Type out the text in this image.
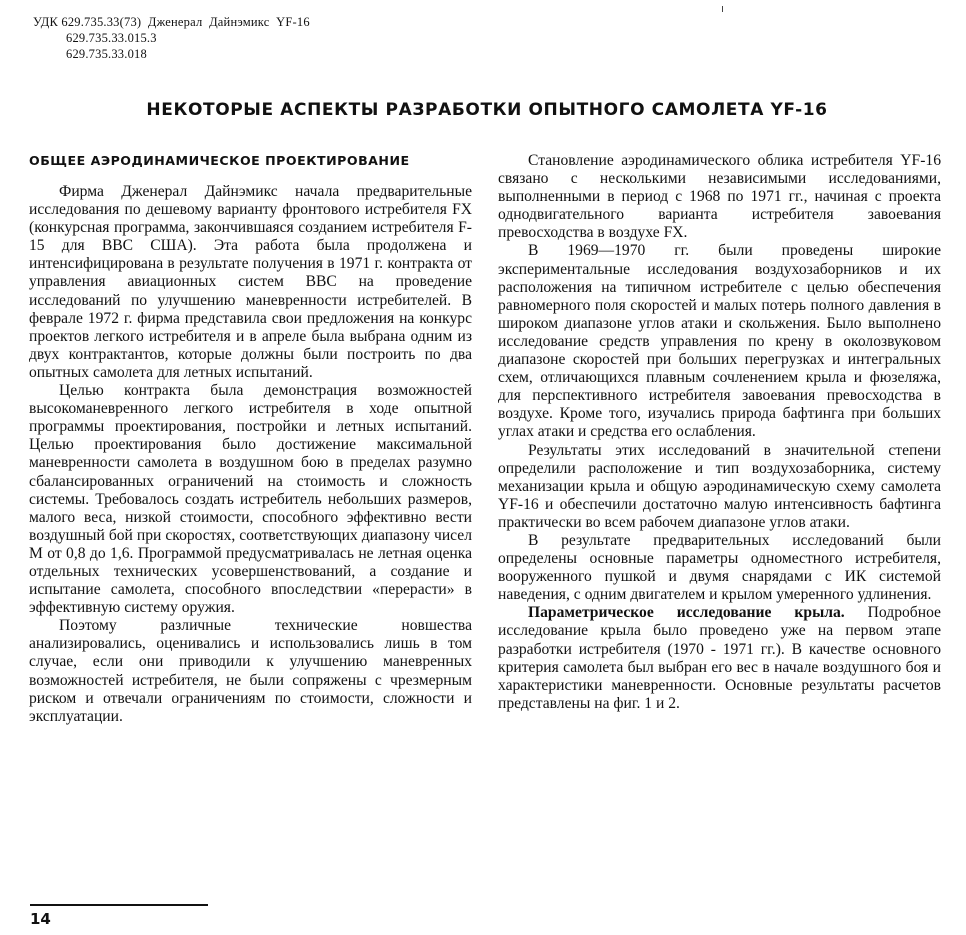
УДК 629.735.33(73)  Дженерал  Дайнэмикс  YF-16
629.735.33.015.3
629.735.33.018
НЕКОТОРЫЕ АСПЕКТЫ РАЗРАБОТКИ ОПЫТНОГО САМОЛЕТА YF-16
ОБЩЕЕ АЭРОДИНАМИЧЕСКОЕ ПРОЕКТИРОВАНИЕ

Фирма Дженерал Дайнэмикс начала предварительные исследования по дешевому варианту фронтового истребителя FX (конкурсная программа, закончившаяся созданием истребителя F-15 для ВВС США). Эта работа была продолжена и интенсифицирована в результате получения в 1971 г. контракта от управления авиационных систем ВВС на проведение исследований по улучшению маневренности истребителей. В феврале 1972 г. фирма представила свои предложения на конкурс проектов легкого истребителя и в апреле была выбрана одним из двух контрактантов, которые должны были построить по два опытных самолета для летных испытаний.

Целью контракта была демонстрация возможностей высокоманевренного легкого истребителя в ходе опытной программы проектирования, постройки и летных испытаний. Целью проектирования было достижение максимальной маневренности самолета в воздушном бою в пределах разумно сбалансированных ограничений на стоимость и сложность системы. Требовалось создать истребитель небольших размеров, малого веса, низкой стоимости, способного эффективно вести воздушный бой при скоростях, соответствующих диапазону чисел М от 0,8 до 1,6. Программой предусматривалась не летная оценка отдельных технических усовершенствований, а создание и испытание самолета, способного впоследствии «перерасти» в эффективную систему оружия.

Поэтому различные технические новшества анализировались, оценивались и использовались лишь в том случае, если они приводили к улучшению маневренных возможностей истребителя, не были сопряжены с чрезмерным риском и отвечали ограничениям по стоимости, сложности и эксплуатации.

Становление аэродинамического облика истребителя YF-16 связано с несколькими независимыми исследованиями, выполненными в период с 1968 по 1971 гг., начиная с проекта однодвигательного варианта истребителя завоевания превосходства в воздухе FX.

В 1969—1970 гг. были проведены широкие экспериментальные исследования воздухозаборников и их расположения на типичном истребителе с целью обеспечения равномерного поля скоростей и малых потерь полного давления в широком диапазоне углов атаки и скольжения. Было выполнено исследование средств управления по крену в околозвуковом диапазоне скоростей при больших перегрузках и интегральных схем, отличающихся плавным сочленением крыла и фюзеляжа, для перспективного истребителя завоевания превосходства в воздухе. Кроме того, изучались природа бафтинга при больших углах атаки и средства его ослабления.

Результаты этих исследований в значительной степени определили расположение и тип воздухозаборника, систему механизации крыла и общую аэродинамическую схему самолета YF-16 и обеспечили достаточно малую интенсивность бафтинга практически во всем рабочем диапазоне углов атаки.

В результате предварительных исследований были определены основные параметры одноместного истребителя, вооруженного пушкой и двумя снарядами с ИК системой наведения, с одним двигателем и крылом умеренного удлинения.

Параметрическое исследование крыла. Подробное исследование крыла было проведено уже на первом этапе разработки истребителя (1970 - 1971 гг.). В качестве основного критерия самолета был выбран его вес в начале воздушного боя и характеристики маневренности. Основные результаты расчетов представлены на фиг. 1 и 2.

14
